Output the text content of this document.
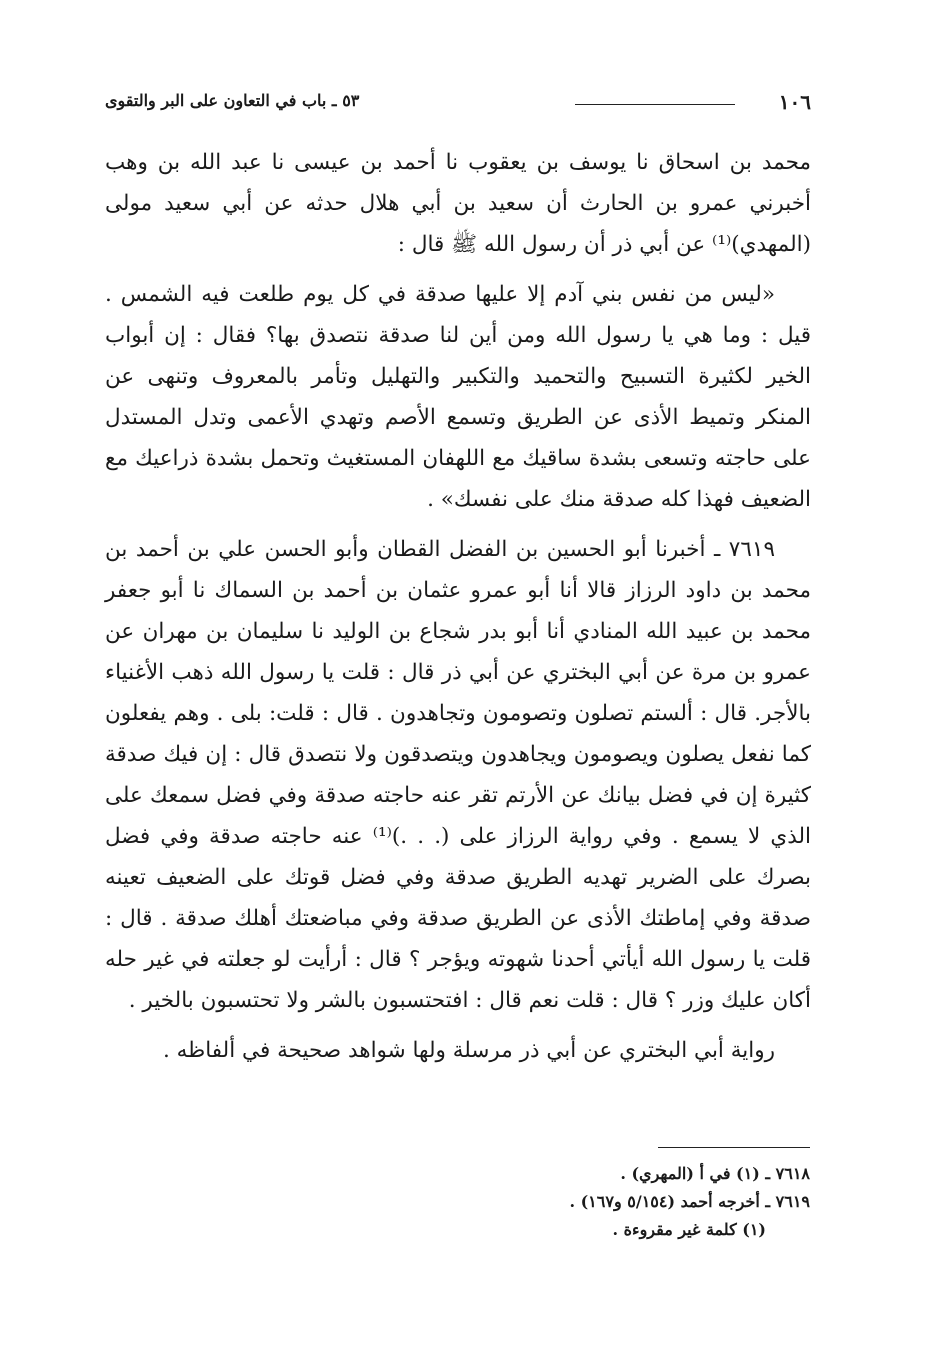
١٠٦
٥٣ ـ باب في التعاون على البر والتقوى

محمد بن اسحاق نا يوسف بن يعقوب نا أحمد بن عيسى نا عبد الله بن وهب أخبرني عمرو بن الحارث أن سعيد بن أبي هلال حدثه عن أبي سعيد مولى (المهدي)⁽¹⁾ عن أبي ذر أن رسول الله ﷺ قال :

«ليس من نفس بني آدم إلا عليها صدقة في كل يوم طلعت فيه الشمس . قيل : وما هي يا رسول الله ومن أين لنا صدقة نتصدق بها؟ فقال : إن أبواب الخير لكثيرة التسبيح والتحميد والتكبير والتهليل وتأمر بالمعروف وتنهى عن المنكر وتميط الأذى عن الطريق وتسمع الأصم وتهدي الأعمى وتدل المستدل على حاجته وتسعى بشدة ساقيك مع اللهفان المستغيث وتحمل بشدة ذراعيك مع الضعيف فهذا كله صدقة منك على نفسك» .

٧٦١٩ ـ أخبرنا أبو الحسين بن الفضل القطان وأبو الحسن علي بن أحمد بن محمد بن داود الرزاز قالا أنا أبو عمرو عثمان بن أحمد بن السماك نا أبو جعفر محمد بن عبيد الله المنادي أنا أبو بدر شجاع بن الوليد نا سليمان بن مهران عن عمرو بن مرة عن أبي البختري عن أبي ذر قال : قلت يا رسول الله ذهب الأغنياء بالأجر. قال : ألستم تصلون وتصومون وتجاهدون . قال : قلت: بلى . وهم يفعلون كما نفعل يصلون ويصومون ويجاهدون ويتصدقون ولا نتصدق قال : إن فيك صدقة كثيرة إن في فضل بيانك عن الأرتم تقر عنه حاجته صدقة وفي فضل سمعك على الذي لا يسمع . وفي رواية الرزاز على (. . .)⁽¹⁾ عنه حاجته صدقة وفي فضل بصرك على الضرير تهديه الطريق صدقة وفي فضل قوتك على الضعيف تعينه صدقة وفي إماطتك الأذى عن الطريق صدقة وفي مباضعتك أهلك صدقة . قال : قلت يا رسول الله أيأتي أحدنا شهوته ويؤجر ؟ قال : أرأيت لو جعلته في غير حله أكان عليك وزر ؟ قال : قلت نعم قال : افتحتسبون بالشر ولا تحتسبون بالخير .

رواية أبي البختري عن أبي ذر مرسلة ولها شواهد صحيحة في ألفاظه .

٧٦١٨ ـ (١) في أ (المهري) .

٧٦١٩ ـ أخرجه أحمد (٥/١٥٤ و١٦٧) .

(١) كلمة غير مقروءة .
